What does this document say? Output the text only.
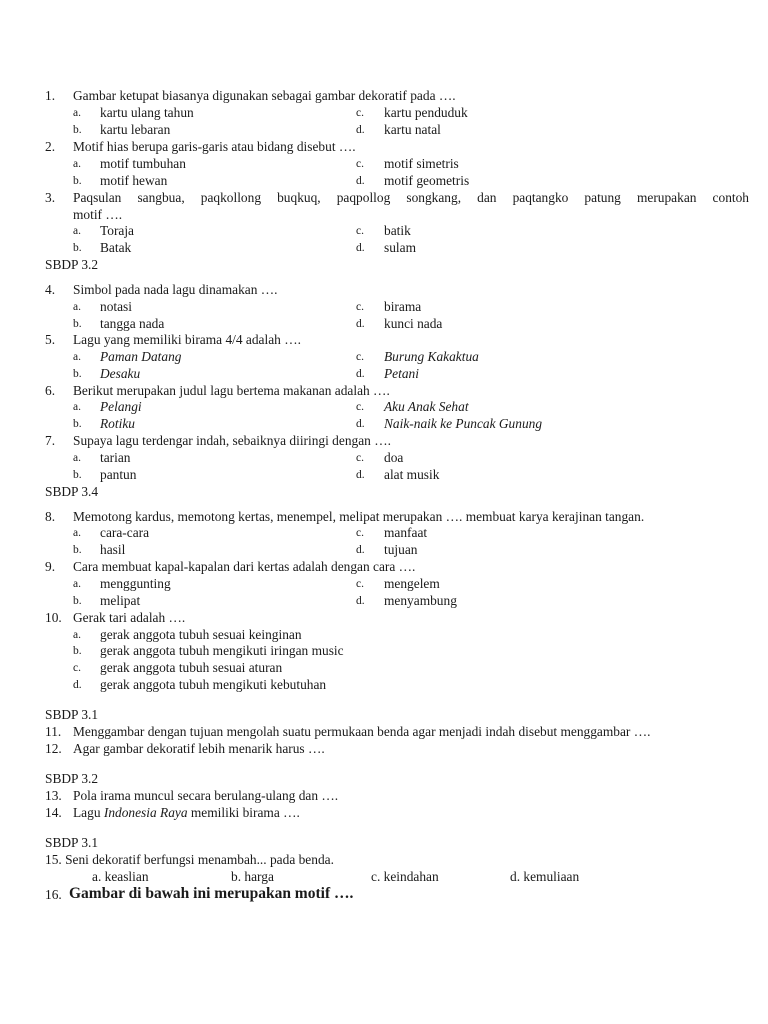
1. Gambar ketupat biasanya digunakan sebagai gambar dekoratif pada ….
a. kartu ulang tahun	c. kartu penduduk
b. kartu lebaran	d. kartu natal
2. Motif hias berupa garis-garis atau bidang disebut ….
a. motif tumbuhan	c. motif simetris
b. motif hewan	d. motif geometris
3. Paqsulan sangbua, paqkollong buqkuq, paqpollog songkang, dan paqtangko patung merupakan contoh
motif ….
a. Toraja	c. batik
b. Batak	d. sulam
SBDP 3.2
4. Simbol pada nada lagu dinamakan ….
a. notasi	c. birama
b. tangga nada	d. kunci nada
5. Lagu yang memiliki birama 4/4 adalah ….
a. Paman Datang	c. Burung Kakaktua
b. Desaku	d. Petani
6. Berikut merupakan judul lagu bertema makanan adalah ….
a. Pelangi	c. Aku Anak Sehat
b. Rotiku	d. Naik-naik ke Puncak Gunung
7. Supaya lagu terdengar indah, sebaiknya diiringi dengan ….
a. tarian	c. doa
b. pantun	d. alat musik
SBDP 3.4
8. Memotong kardus, memotong kertas, menempel, melipat merupakan …. membuat karya kerajinan tangan.
a. cara-cara	c. manfaat
b. hasil	d. tujuan
9. Cara membuat kapal-kapalan dari kertas adalah dengan cara ….
a. menggunting	c. mengelem
b. melipat	d. menyambung
10. Gerak tari adalah ….
a. gerak anggota tubuh sesuai keinginan
b. gerak anggota tubuh mengikuti iringan music
c. gerak anggota tubuh sesuai aturan
d. gerak anggota tubuh mengikuti kebutuhan
SBDP 3.1
11. Menggambar dengan tujuan mengolah suatu permukaan benda agar menjadi indah disebut menggambar ….
12. Agar gambar dekoratif lebih menarik harus ….
SBDP 3.2
13. Pola irama muncul secara berulang-ulang dan ….
14. Lagu Indonesia Raya memiliki birama ….
SBDP 3.1
15. Seni dekoratif berfungsi menambah... pada benda.
a. keaslian	b. harga	c. keindahan	d. kemuliaan
16. Gambar di bawah ini merupakan motif ….
